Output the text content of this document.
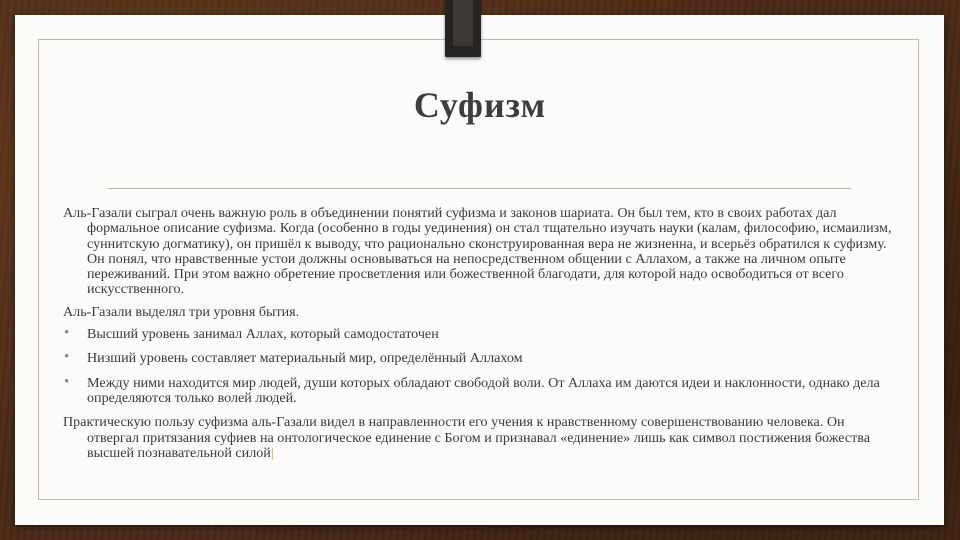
Суфизм

Аль-Газали сыграл очень важную роль в объединении понятий суфизма и законов шариата. Он был тем, кто в своих работах дал формальное описание суфизма. Когда (особенно в годы уединения) он стал тщательно изучать науки (калам, философию, исмаилизм, суннитскую догматику), он пришёл к выводу, что рационально сконструированная вера не жизненна, и всерьёз обратился к суфизму. Он понял, что нравственные устои должны основываться на непосредственном общении с Аллахом, а также на личном опыте переживаний. При этом важно обретение просветления или божественной благодати, для которой надо освободиться от всего искусственного.

Аль-Газали выделял три уровня бытия.

• Высший уровень занимал Аллах, который самодостаточен
• Низший уровень составляет материальный мир, определённый Аллахом
• Между ними находится мир людей, души которых обладают свободой воли. От Аллаха им даются идеи и наклонности, однако дела определяются только волей людей.

Практическую пользу суфизма аль-Газали видел в направленности его учения к нравственному совершенствованию человека. Он отвергал притязания суфиев на онтологическое единение с Богом и признавал «единение» лишь как символ постижения божества высшей познавательной силой|
